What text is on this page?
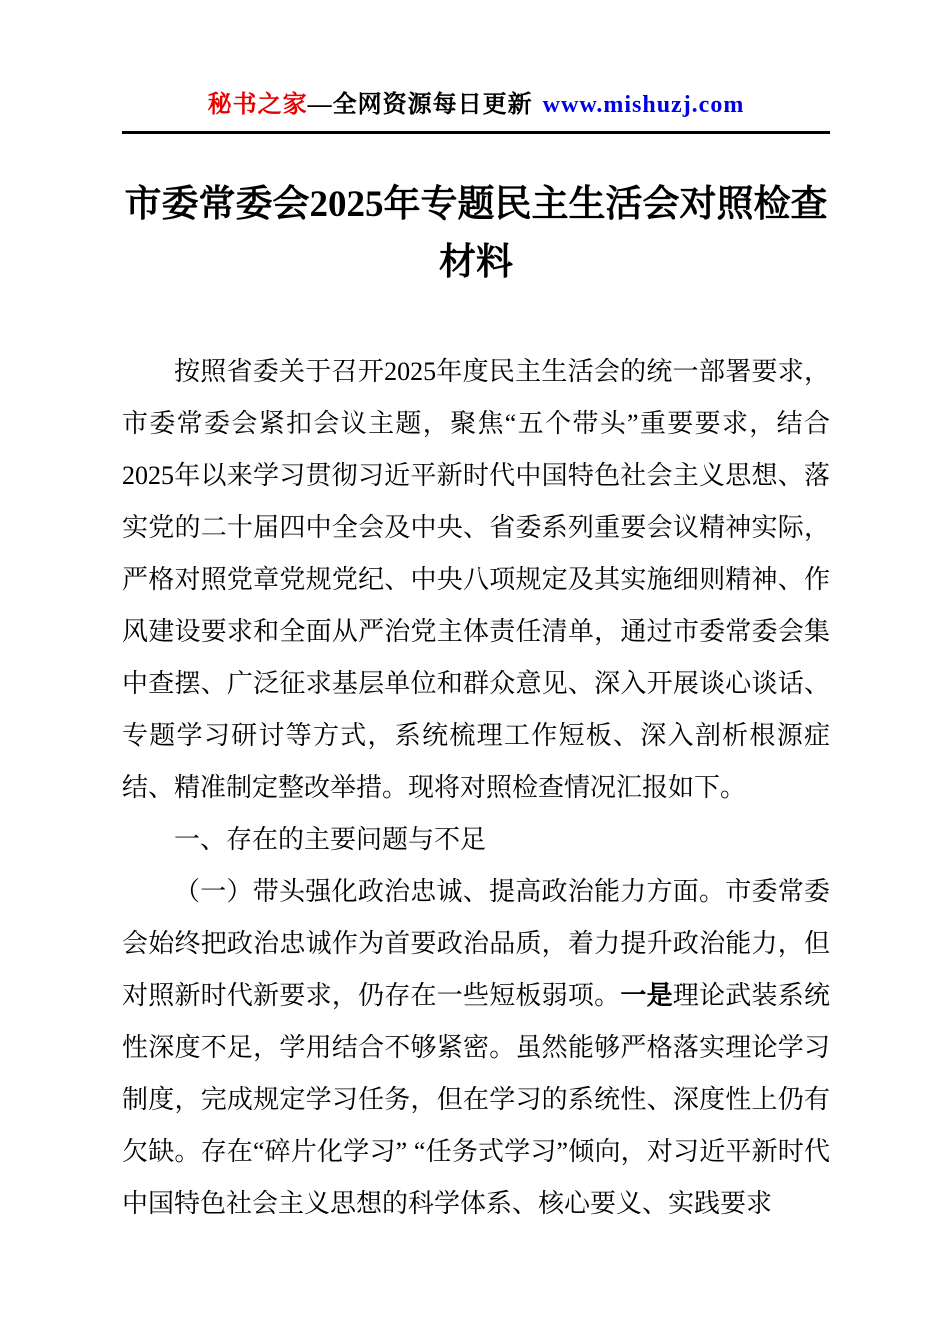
秘书之家—全网资源每日更新 www.mishuzj.com
市委常委会2025年专题民主生活会对照检查材料

按照省委关于召开2025年度民主生活会的统一部署要求，市委常委会紧扣会议主题，聚焦“五个带头”重要要求，结合2025年以来学习贯彻习近平新时代中国特色社会主义思想、落实党的二十届四中全会及中央、省委系列重要会议精神实际，严格对照党章党规党纪、中央八项规定及其实施细则精神、作风建设要求和全面从严治党主体责任清单，通过市委常委会集中查摆、广泛征求基层单位和群众意见、深入开展谈心谈话、专题学习研讨等方式，系统梳理工作短板、深入剖析根源症结、精准制定整改举措。现将对照检查情况汇报如下。

一、存在的主要问题与不足

（一）带头强化政治忠诚、提高政治能力方面。市委常委会始终把政治忠诚作为首要政治品质，着力提升政治能力，但对照新时代新要求，仍存在一些短板弱项。一是理论武装系统性深度不足，学用结合不够紧密。虽然能够严格落实理论学习制度，完成规定学习任务，但在学习的系统性、深度性上仍有欠缺。存在“碎片化学习” “任务式学习”倾向，对习近平新时代中国特色社会主义思想的科学体系、核心要义、实践要求
